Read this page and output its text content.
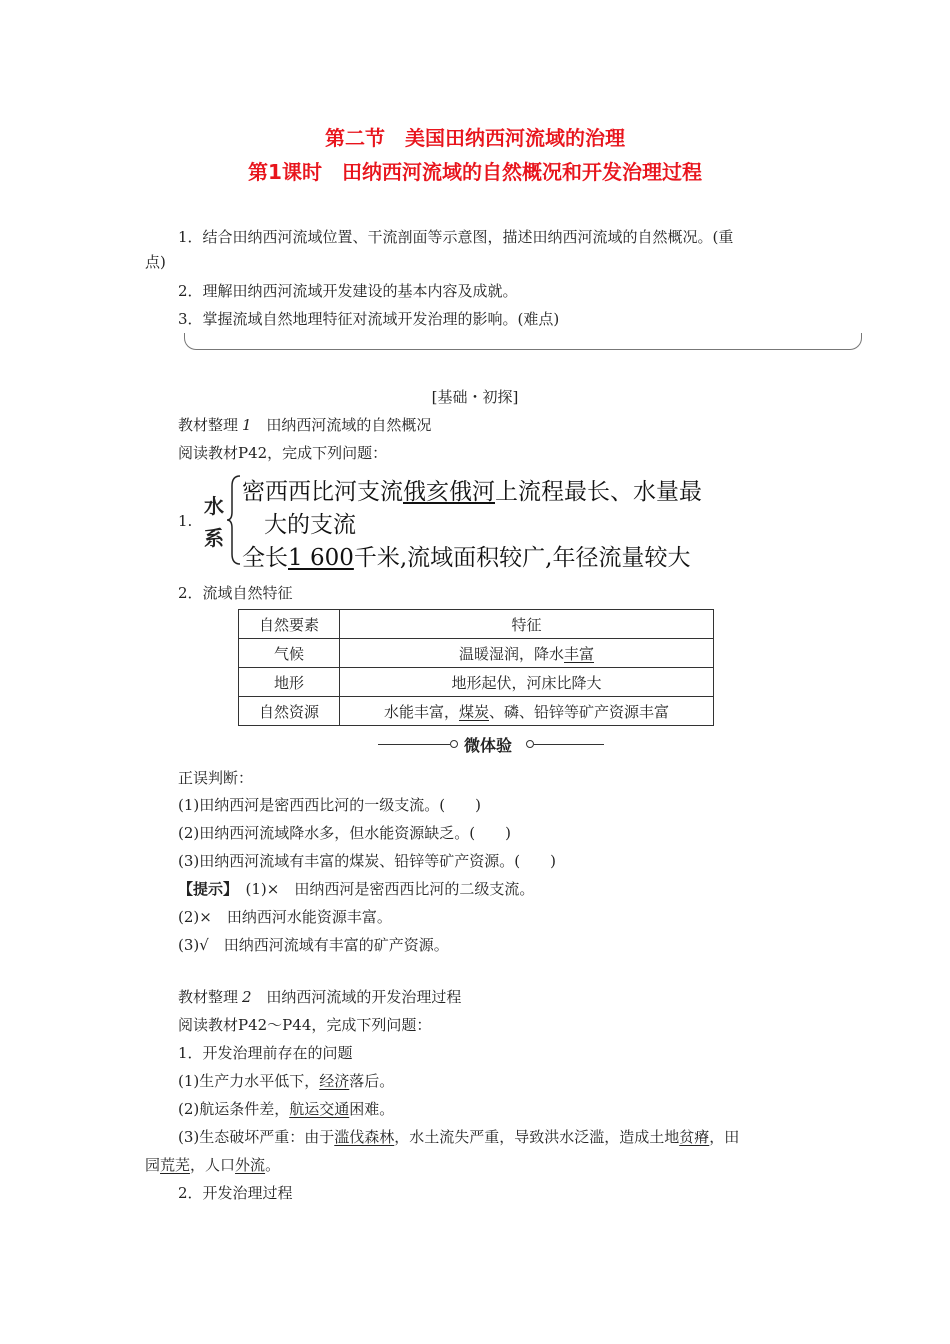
第二节　美国田纳西河流域的治理
第1课时　田纳西河流域的自然概况和开发治理过程
1．结合田纳西河流域位置、干流剖面等示意图，描述田纳西河流域的自然概况。(重
点)
2．理解田纳西河流域开发建设的基本内容及成就。
3．掌握流域自然地理特征对流域开发治理的影响。(难点)
[基础・初探]
教材整理 1 田纳西河流域的自然概况
阅读教材P42，完成下列问题：
1.
水
系
密西西比河支流俄亥俄河上流程最长、水量最
大的支流
全长1 600千米,流域面积较广,年径流量较大
2．流域自然特征
自然要素	特征
气候	温暖湿润，降水丰富
地形	地形起伏，河床比降大
自然资源	水能丰富，煤炭、磷、铅锌等矿产资源丰富
微体验
正误判断：
(1)田纳西河是密西西比河的一级支流。(　　)
(2)田纳西河流域降水多，但水能资源缺乏。(　　)
(3)田纳西河流域有丰富的煤炭、铅锌等矿产资源。(　　)
【提示】　(1)×　田纳西河是密西西比河的二级支流。
(2)×　田纳西河水能资源丰富。
(3)√　田纳西河流域有丰富的矿产资源。
教材整理 2 田纳西河流域的开发治理过程
阅读教材P42～P44，完成下列问题：
1．开发治理前存在的问题
(1)生产力水平低下，经济落后。
(2)航运条件差，航运交通困难。
(3)生态破坏严重：由于滥伐森林，水土流失严重，导致洪水泛滥，造成土地贫瘠，田
园荒芜，人口外流。
2．开发治理过程
